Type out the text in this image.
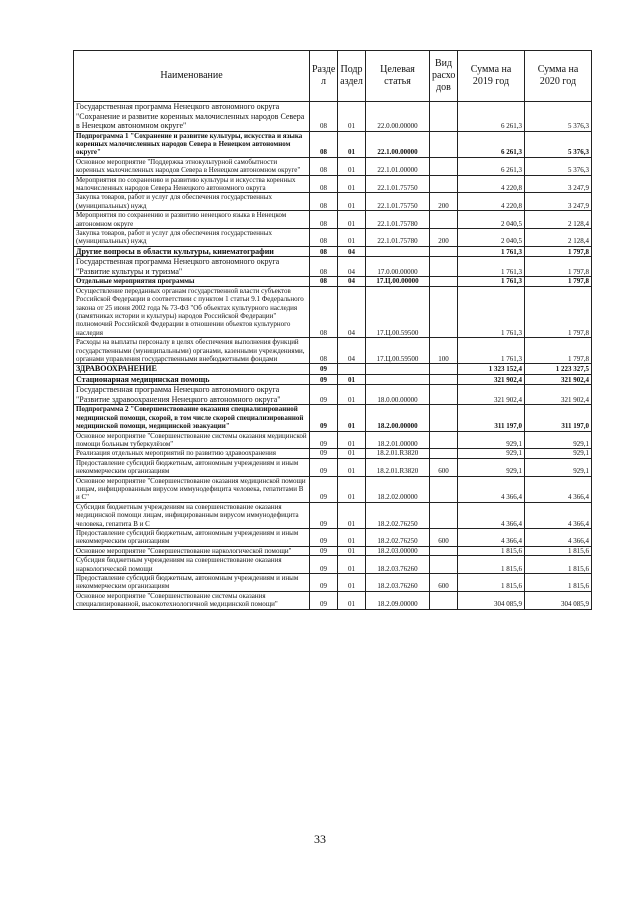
Наименование	Разде л	Подр аздел	Целевая статья	Вид расхо дов	Сумма на 2019 год	Сумма на 2020 год
Государственная программа Ненецкого автономного округа "Сохранение и развитие коренных малочисленных народов Севера в Ненецком автономном округе"	08	01	22.0.00.00000		6 261,3	5 376,3
Подпрограмма 1 "Сохранение и развитие культуры, искусства и языка коренных малочисленных народов Севера в Ненецком автономном округе"	08	01	22.1.00.00000		6 261,3	5 376,3
Основное мероприятие "Поддержка этнокультурной самобытности коренных малочисленных народов Севера в Ненецком автономном округе"	08	01	22.1.01.00000		6 261,3	5 376,3
Мероприятия по сохранению и развитию культуры и искусства коренных малочисленных народов Севера Ненецкого автономного округа	08	01	22.1.01.75750		4 220,8	3 247,9
Закупка товаров, работ и услуг для обеспечения государственных (муниципальных) нужд	08	01	22.1.01.75750	200	4 220,8	3 247,9
Мероприятия по сохранению и развитию ненецкого языка в Ненецком автономном округе	08	01	22.1.01.75780		2 040,5	2 128,4
Закупка товаров, работ и услуг для обеспечения государственных (муниципальных) нужд	08	01	22.1.01.75780	200	2 040,5	2 128,4
Другие вопросы в области культуры, кинематографии	08	04			1 761,3	1 797,8
Государственная программа Ненецкого автономного округа "Развитие культуры и туризма"	08	04	17.0.00.00000		1 761,3	1 797,8
Отдельные мероприятия программы	08	04	17.Ц.00.00000		1 761,3	1 797,8
Осуществление переданных органам государственной власти субъектов Российской Федерации в соответствии с пунктом 1 статьи 9.1 Федерального закона от 25 июня 2002 года № 73-ФЗ "Об объектах культурного наследия (памятниках истории и культуры) народов Российской Федерации" полномочий Российской Федерации в отношении объектов культурного наследия	08	04	17.Ц.00.59500		1 761,3	1 797,8
Расходы на выплаты персоналу в целях обеспечения выполнения функций государственными (муниципальными) органами, казенными учреждениями, органами управления государственными внебюджетными фондами	08	04	17.Ц.00.59500	100	1 761,3	1 797,8
ЗДРАВООХРАНЕНИЕ	09				1 323 152,4	1 223 327,5
Стационарная медицинская помощь	09	01			321 902,4	321 902,4
Государственная программа Ненецкого автономного округа "Развитие здравоохранения Ненецкого автономного округа"	09	01	18.0.00.00000		321 902,4	321 902,4
Подпрограмма 2 "Совершенствование оказания специализированной медицинской помощи, скорой, в том числе скорой специализированной медицинской помощи, медицинской эвакуации"	09	01	18.2.00.00000		311 197,0	311 197,0
Основное мероприятие "Совершенствование системы оказания медицинской помощи больным туберкулёзом"	09	01	18.2.01.00000		929,1	929,1
Реализация отдельных мероприятий по развитию здравоохранения	09	01	18.2.01.R3820		929,1	929,1
Предоставление субсидий бюджетным, автономным учреждениям и иным некоммерческим организациям	09	01	18.2.01.R3820	600	929,1	929,1
Основное мероприятие "Совершенствование оказания медицинской помощи лицам, инфицированным вирусом иммунодефицита человека, гепатитами В и С"	09	01	18.2.02.00000		4 366,4	4 366,4
Субсидия бюджетным учреждениям на совершенствование оказания медицинской помощи лицам, инфицированным вирусом иммунодефицита человека, гепатита В и С	09	01	18.2.02.76250		4 366,4	4 366,4
Предоставление субсидий бюджетным, автономным учреждениям и иным некоммерческим организациям	09	01	18.2.02.76250	600	4 366,4	4 366,4
Основное мероприятие "Совершенствование наркологической помощи"	09	01	18.2.03.00000		1 815,6	1 815,6
Субсидия бюджетным учреждениям на совершенствование оказания наркологической помощи	09	01	18.2.03.76260		1 815,6	1 815,6
Предоставление субсидий бюджетным, автономным учреждениям и иным некоммерческим организациям	09	01	18.2.03.76260	600	1 815,6	1 815,6
Основное мероприятие "Совершенствование системы оказания специализированной, высокотехнологичной медицинской помощи"	09	01	18.2.09.00000		304 085,9	304 085,9
33
